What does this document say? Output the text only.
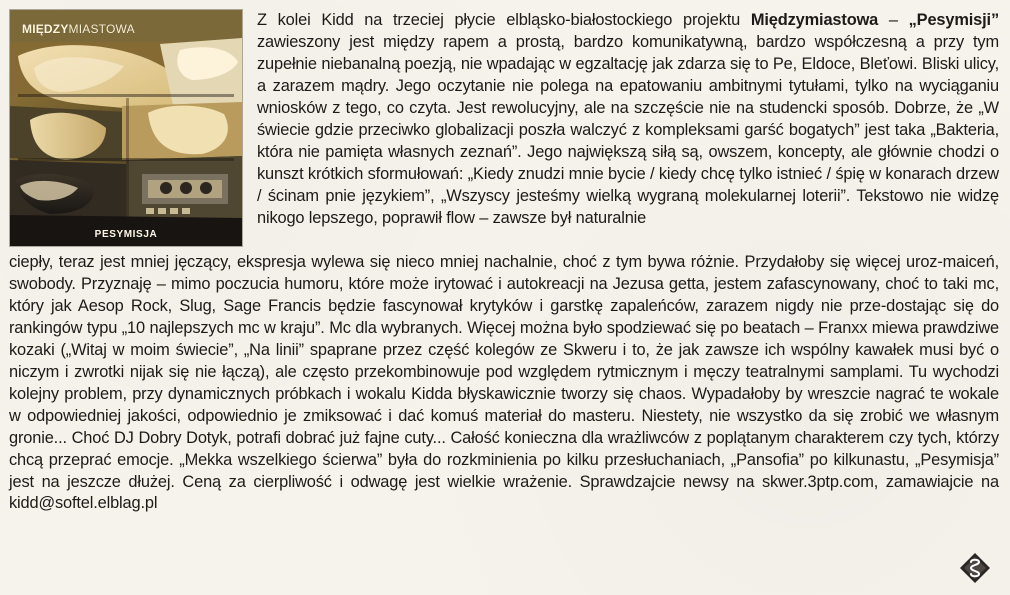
MIĘDZYMIASTOWA
PESYMISJA

Z kolei Kidd na trzeciej płycie elbląsko-białostockiego projektu Międzymiastowa – „Pesymisji” zawieszony jest między rapem a prostą, bardzo komunikatywną, bardzo współczesną a przy tym zupełnie niebanalną poezją, nie wpadając w egzaltację jak zdarza się to Pe, Eldoce, Bleťowi. Bliski ulicy, a zarazem mądry. Jego oczytanie nie polega na epatowaniu ambitnymi tytułami, tylko na wyciąganiu wniosków z tego, co czyta. Jest rewolucyjny, ale na szczęście nie na studencki sposób. Dobrze, że „W świecie gdzie przeciwko globalizacji poszła walczyć z kompleksami garść bogatych” jest taka „Bakteria, która nie pamięta własnych zeznań”. Jego największą siłą są, owszem, koncepty, ale głównie chodzi o kunszt krótkich sformułowań: „Kiedy znudzi mnie bycie / kiedy chcę tylko istnieć / śpię w konarach drzew / ścinam pnie językiem”, „Wszyscy jesteśmy wielką wygraną molekularnej loterii”. Tekstowo nie widzę nikogo lepszego, poprawił flow – zawsze był naturalnie

ciepły, teraz jest mniej jęczący, ekspresja wylewa się nieco mniej nachalnie, choć z tym bywa różnie. Przydałoby się więcej uroz-maiceń, swobody. Przyznaję – mimo poczucia humoru, które może irytować i autokreacji na Jezusa getta, jestem zafascynowany, choć to taki mc, który jak Aesop Rock, Slug, Sage Francis będzie fascynował krytyków i garstkę zapaleńców, zarazem nigdy nie prze-dostając się do rankingów typu „10 najlepszych mc w kraju”. Mc dla wybranych. Więcej można było spodziewać się po beatach – Franxx miewa prawdziwe kozaki („Witaj w moim świecie”, „Na linii” spaprane przez część kolegów ze Skweru i to, że jak zawsze ich wspólny kawałek musi być o niczym i zwrotki nijak się nie łączą), ale często przekombinowuje pod względem rytmicznym i męczy teatralnymi samplami. Tu wychodzi kolejny problem, przy dynamicznych próbkach i wokalu Kidda błyskawicznie tworzy się chaos. Wypadałoby by wreszcie nagrać te wokale w odpowiedniej jakości, odpowiednio je zmiksować i dać komuś materiał do masteru. Niestety, nie wszystko da się zrobić we własnym gronie... Choć DJ Dobry Dotyk, potrafi dobrać już fajne cuty... Całość konieczna dla wrażliwców z poplątanym charakterem czy tych, którzy chcą przeprać emocje. „Mekka wszelkiego ścierwa” była do rozkminienia po kilku przesłuchaniach, „Pansofia” po kilkunastu, „Pesymisja” jest na jeszcze dłużej. Ceną za cierpliwość i odwagę jest wielkie wrażenie. Sprawdzajcie newsy na skwer.3ptp.com, zamawiajcie na kidd@softel.elblag.pl
